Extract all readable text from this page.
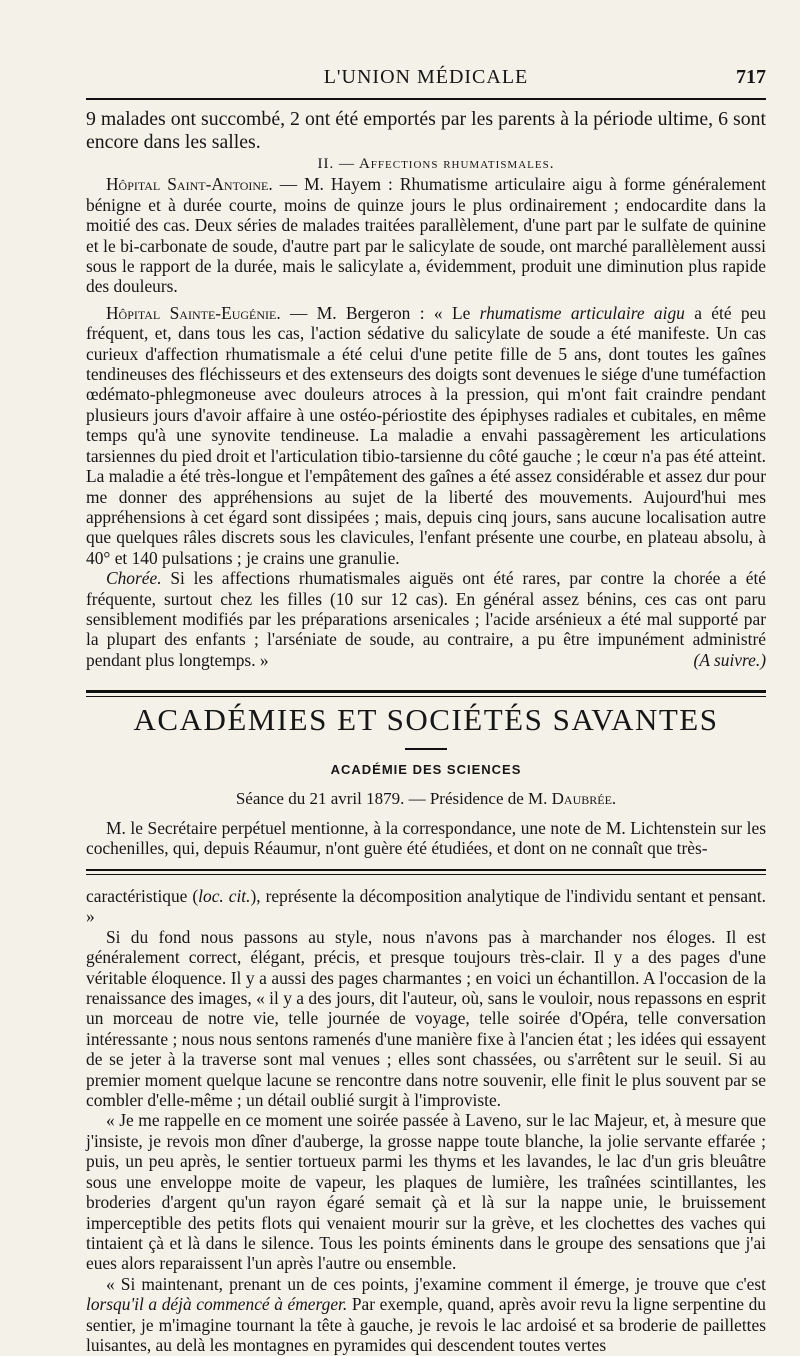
L'UNION MÉDICALE	717

9 malades ont succombé, 2 ont été emportés par les parents à la période ultime, 6 sont encore dans les salles.

II. — Affections rhumatismales.

Hôpital Saint-Antoine. — M. Hayem : Rhumatisme articulaire aigu à forme généralement bénigne et à durée courte, moins de quinze jours le plus ordinairement ; endocardite dans la moitié des cas. Deux séries de malades traitées parallèlement, d'une part par le sulfate de quinine et le bi-carbonate de soude, d'autre part par le salicylate de soude, ont marché parallèlement aussi sous le rapport de la durée, mais le salicylate a, évidemment, produit une diminution plus rapide des douleurs.

Hôpital Sainte-Eugénie. — M. Bergeron : « Le rhumatisme articulaire aigu a été peu fréquent, et, dans tous les cas, l'action sédative du salicylate de soude a été manifeste. Un cas curieux d'affection rhumatismale a été celui d'une petite fille de 5 ans, dont toutes les gaînes tendineuses des fléchisseurs et des extenseurs des doigts sont devenues le siége d'une tuméfaction œdémato-phlegmoneuse avec douleurs atroces à la pression, qui m'ont fait craindre pendant plusieurs jours d'avoir affaire à une ostéo-périostite des épiphyses radiales et cubitales, en même temps qu'à une synovite tendineuse. La maladie a envahi passagèrement les articulations tarsiennes du pied droit et l'articulation tibio-tarsienne du côté gauche ; le cœur n'a pas été atteint. La maladie a été très-longue et l'empâtement des gaînes a été assez considérable et assez dur pour me donner des appréhensions au sujet de la liberté des mouvements. Aujourd'hui mes appréhensions à cet égard sont dissipées ; mais, depuis cinq jours, sans aucune localisation autre que quelques râles discrets sous les clavicules, l'enfant présente une courbe, en plateau absolu, à 40° et 140 pulsations ; je crains une granulie.

Chorée. Si les affections rhumatismales aiguës ont été rares, par contre la chorée a été fréquente, surtout chez les filles (10 sur 12 cas). En général assez bénins, ces cas ont paru sensiblement modifiés par les préparations arsenicales ; l'acide arsénieux a été mal supporté par la plupart des enfants ; l'arséniate de soude, au contraire, a pu être impunément administré pendant plus longtemps. »	(A suivre.)

ACADÉMIES ET SOCIÉTÉS SAVANTES
ACADÉMIE DES SCIENCES
Séance du 21 avril 1879. — Présidence de M. Daubrée.

M. le Secrétaire perpétuel mentionne, à la correspondance, une note de M. Lichtenstein sur les cochenilles, qui, depuis Réaumur, n'ont guère été étudiées, et dont on ne connaît que très-

caractéristique (loc. cit.), représente la décomposition analytique de l'individu sentant et pensant. »

Si du fond nous passons au style, nous n'avons pas à marchander nos éloges. Il est généralement correct, élégant, précis, et presque toujours très-clair. Il y a des pages d'une véritable éloquence. Il y a aussi des pages charmantes ; en voici un échantillon. A l'occasion de la renaissance des images, « il y a des jours, dit l'auteur, où, sans le vouloir, nous repassons en esprit un morceau de notre vie, telle journée de voyage, telle soirée d'Opéra, telle conversation intéressante ; nous nous sentons ramenés d'une manière fixe à l'ancien état ; les idées qui essayent de se jeter à la traverse sont mal venues ; elles sont chassées, ou s'arrêtent sur le seuil. Si au premier moment quelque lacune se rencontre dans notre souvenir, elle finit le plus souvent par se combler d'elle-même ; un détail oublié surgit à l'improviste.

« Je me rappelle en ce moment une soirée passée à Laveno, sur le lac Majeur, et, à mesure que j'insiste, je revois mon dîner d'auberge, la grosse nappe toute blanche, la jolie servante effarée ; puis, un peu après, le sentier tortueux parmi les thyms et les lavandes, le lac d'un gris bleuâtre sous une enveloppe moite de vapeur, les plaques de lumière, les traînées scintillantes, les broderies d'argent qu'un rayon égaré semait çà et là sur la nappe unie, le bruissement imperceptible des petits flots qui venaient mourir sur la grève, et les clochettes des vaches qui tintaient çà et là dans le silence. Tous les points éminents dans le groupe des sensations que j'ai eues alors reparaissent l'un après l'autre ou ensemble.

« Si maintenant, prenant un de ces points, j'examine comment il émerge, je trouve que c'est lorsqu'il a déjà commencé à émerger. Par exemple, quand, après avoir revu la ligne serpentine du sentier, je m'imagine tournant la tête à gauche, je revois le lac ardoisé et sa broderie de paillettes luisantes, au delà les montagnes en pyramides qui descendent toutes vertes
